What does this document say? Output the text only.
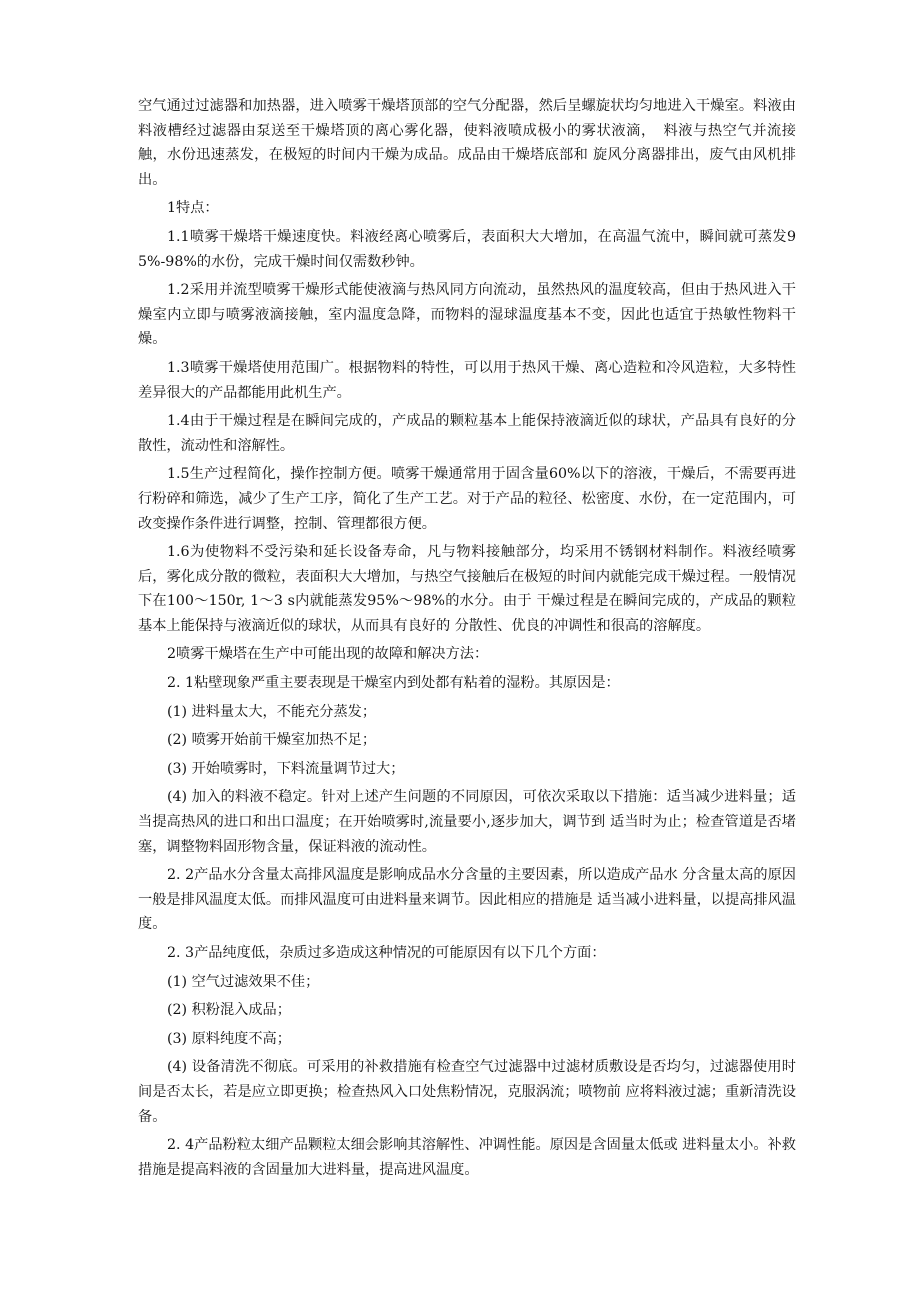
空气通过过滤器和加热器，进入喷雾干燥塔顶部的空气分配器，然后呈螺旋状均匀地进入干燥室。料液由料液槽经过滤器由泵送至干燥塔顶的离心雾化器，使料液喷成极小的雾状液滴，　料液与热空气并流接触，水份迅速蒸发，在极短的时间内干燥为成品。成品由干燥塔底部和 旋风分离器排出，废气由风机排出。

1特点：

1.1喷雾干燥塔干燥速度快。料液经离心喷雾后，表面积大大增加，在高温气流中，瞬间就可蒸发95%-98%的水份，完成干燥时间仅需数秒钟。

1.2采用并流型喷雾干燥形式能使液滴与热风同方向流动，虽然热风的温度较高，但由于热风进入干燥室内立即与喷雾液滴接触，室内温度急降，而物料的湿球温度基本不变，因此也适宜于热敏性物料干燥。

1.3喷雾干燥塔使用范围广。根据物料的特性，可以用于热风干燥、离心造粒和冷风造粒，大多特性差异很大的产品都能用此机生产。

1.4由于干燥过程是在瞬间完成的，产成品的颗粒基本上能保持液滴近似的球状，产品具有良好的分散性，流动性和溶解性。

1.5生产过程简化，操作控制方便。喷雾干燥通常用于固含量60%以下的溶液，干燥后，不需要再进行粉碎和筛选，减少了生产工序，简化了生产工艺。对于产品的粒径、松密度、水份，在一定范围内，可改变操作条件进行调整，控制、管理都很方便。

1.6为使物料不受污染和延长设备寿命，凡与物料接触部分，均采用不锈钢材料制作。料液经喷雾后，雾化成分散的微粒，表面积大大增加，与热空气接触后在极短的时间内就能完成干燥过程。一般情况下在100〜150r, 1〜3 s内就能蒸发95%〜98%的水分。由于 干燥过程是在瞬间完成的，产成品的颗粒基本上能保持与液滴近似的球状，从而具有良好的 分散性、优良的冲调性和很高的溶解度。

2喷雾干燥塔在生产中可能出现的故障和解决方法：

2. 1粘壁现象严重主要表现是干燥室内到处都有粘着的湿粉。其原因是：

(1) 进料量太大，不能充分蒸发；

(2) 喷雾开始前干燥室加热不足；

(3) 开始喷雾时，下料流量调节过大；

(4) 加入的料液不稳定。针对上述产生问题的不同原因，可依次采取以下措施：适当减少进料量；适当提高热风的进口和出口温度；在开始喷雾时,流量要小,逐步加大，调节到 适当时为止；检查管道是否堵塞，调整物料固形物含量，保证料液的流动性。

2. 2产品水分含量太高排风温度是影响成品水分含量的主要因素，所以造成产品水 分含量太高的原因一般是排风温度太低。而排风温度可由进料量来调节。因此相应的措施是 适当减小进料量，以提高排风温度。

2. 3产品纯度低，杂质过多造成这种情况的可能原因有以下几个方面：

(1) 空气过滤效果不佳；

(2) 积粉混入成品；

(3) 原料纯度不高；

(4) 设备清洗不彻底。可采用的补救措施有检查空气过滤器中过滤材质敷设是否均匀，过滤器使用时间是否太长，若是应立即更换；检查热风入口处焦粉情况，克服涡流；喷物前 应将料液过滤；重新清洗设备。

2. 4产品粉粒太细产品颗粒太细会影响其溶解性、冲调性能。原因是含固量太低或 进料量太小。补救措施是提高料液的含固量加大进料量，提高进风温度。
